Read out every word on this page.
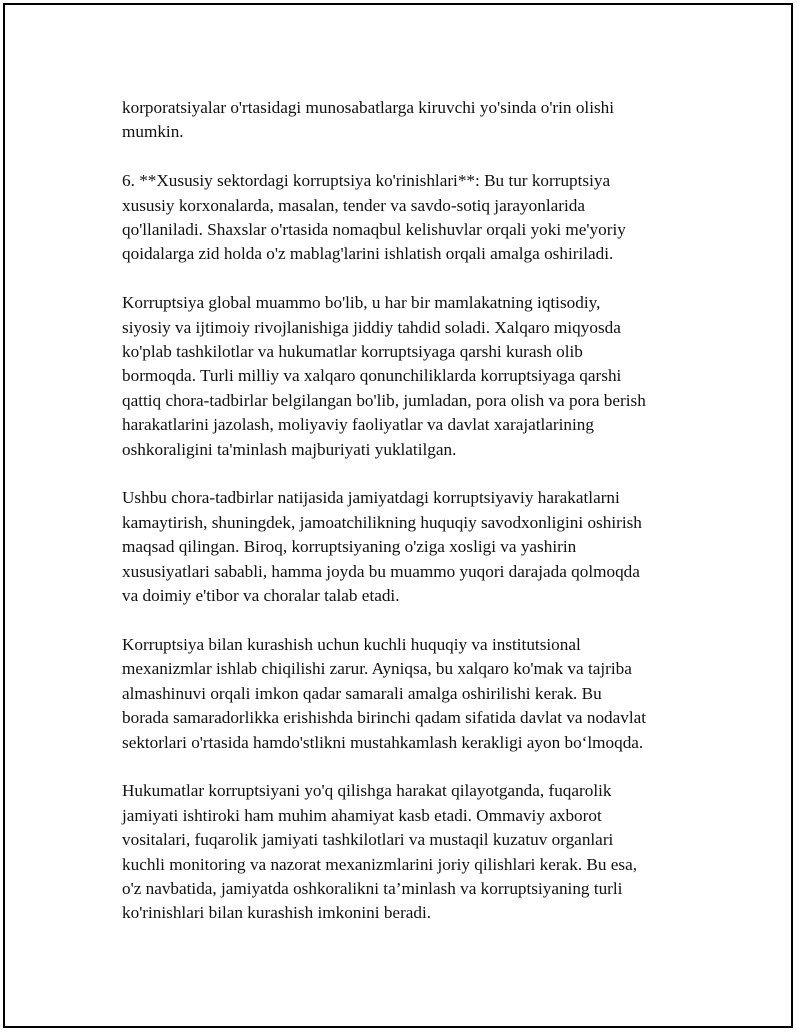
korporatsiyalar o'rtasidagi munosabatlarga kiruvchi yo'sinda o'rin olishi
mumkin.

6. **Xususiy sektordagi korruptsiya ko'rinishlari**: Bu tur korruptsiya
xususiy korxonalarda, masalan, tender va savdo-sotiq jarayonlarida
qo'llaniladi. Shaxslar o'rtasida nomaqbul kelishuvlar orqali yoki me'yoriy
qoidalarga zid holda o'z mablag'larini ishlatish orqali amalga oshiriladi.

Korruptsiya global muammo bo'lib, u har bir mamlakatning iqtisodiy,
siyosiy va ijtimoiy rivojlanishiga jiddiy tahdid soladi. Xalqaro miqyosda
ko'plab tashkilotlar va hukumatlar korruptsiyaga qarshi kurash olib
bormoqda. Turli milliy va xalqaro qonunchiliklarda korruptsiyaga qarshi
qattiq chora-tadbirlar belgilangan bo'lib, jumladan, pora olish va pora berish
harakatlarini jazolash, moliyaviy faoliyatlar va davlat xarajatlarining
oshkoraligini ta'minlash majburiyati yuklatilgan.

Ushbu chora-tadbirlar natijasida jamiyatdagi korruptsiyaviy harakatlarni
kamaytirish, shuningdek, jamoatchilikning huquqiy savodxonligini oshirish
maqsad qilingan. Biroq, korruptsiyaning o'ziga xosligi va yashirin
xususiyatlari sababli, hamma joyda bu muammo yuqori darajada qolmoqda
va doimiy e'tibor va choralar talab etadi.

Korruptsiya bilan kurashish uchun kuchli huquqiy va institutsional
mexanizmlar ishlab chiqilishi zarur. Ayniqsa, bu xalqaro ko'mak va tajriba
almashinuvi orqali imkon qadar samarali amalga oshirilishi kerak. Bu
borada samaradorlikka erishishda birinchi qadam sifatida davlat va nodavlat
sektorlari o'rtasida hamdo'stlikni mustahkamlash kerakligi ayon bo‘lmoqda.

Hukumatlar korruptsiyani yo'q qilishga harakat qilayotganda, fuqarolik
jamiyati ishtiroki ham muhim ahamiyat kasb etadi. Ommaviy axborot
vositalari, fuqarolik jamiyati tashkilotlari va mustaqil kuzatuv organlari
kuchli monitoring va nazorat mexanizmlarini joriy qilishlari kerak. Bu esa,
o'z navbatida, jamiyatda oshkoralikni ta’minlash va korruptsiyaning turli
ko'rinishlari bilan kurashish imkonini beradi.
